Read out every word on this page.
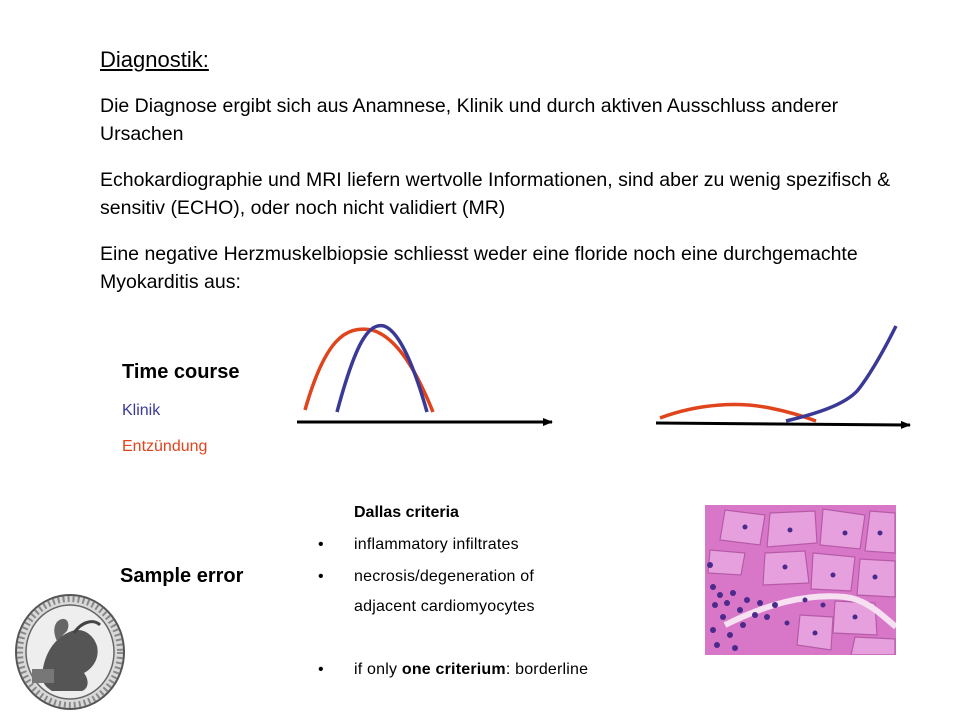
Diagnostik:
Die Diagnose ergibt sich aus Anamnese, Klinik und durch aktiven Ausschluss anderer Ursachen
Echokardiographie und MRI liefern wertvolle Informationen, sind aber zu wenig spezifisch & sensitiv (ECHO), oder noch nicht validiert (MR)
Eine negative Herzmuskelbiopsie schliesst weder eine floride noch eine durchgemachte Myokarditis aus:
Time course
Klinik
Entzündung
Sample error
Dallas criteria
• inflammatory infiltrates
• necrosis/degeneration of
adjacent cardiomyocytes
• if only one criterium: borderline
